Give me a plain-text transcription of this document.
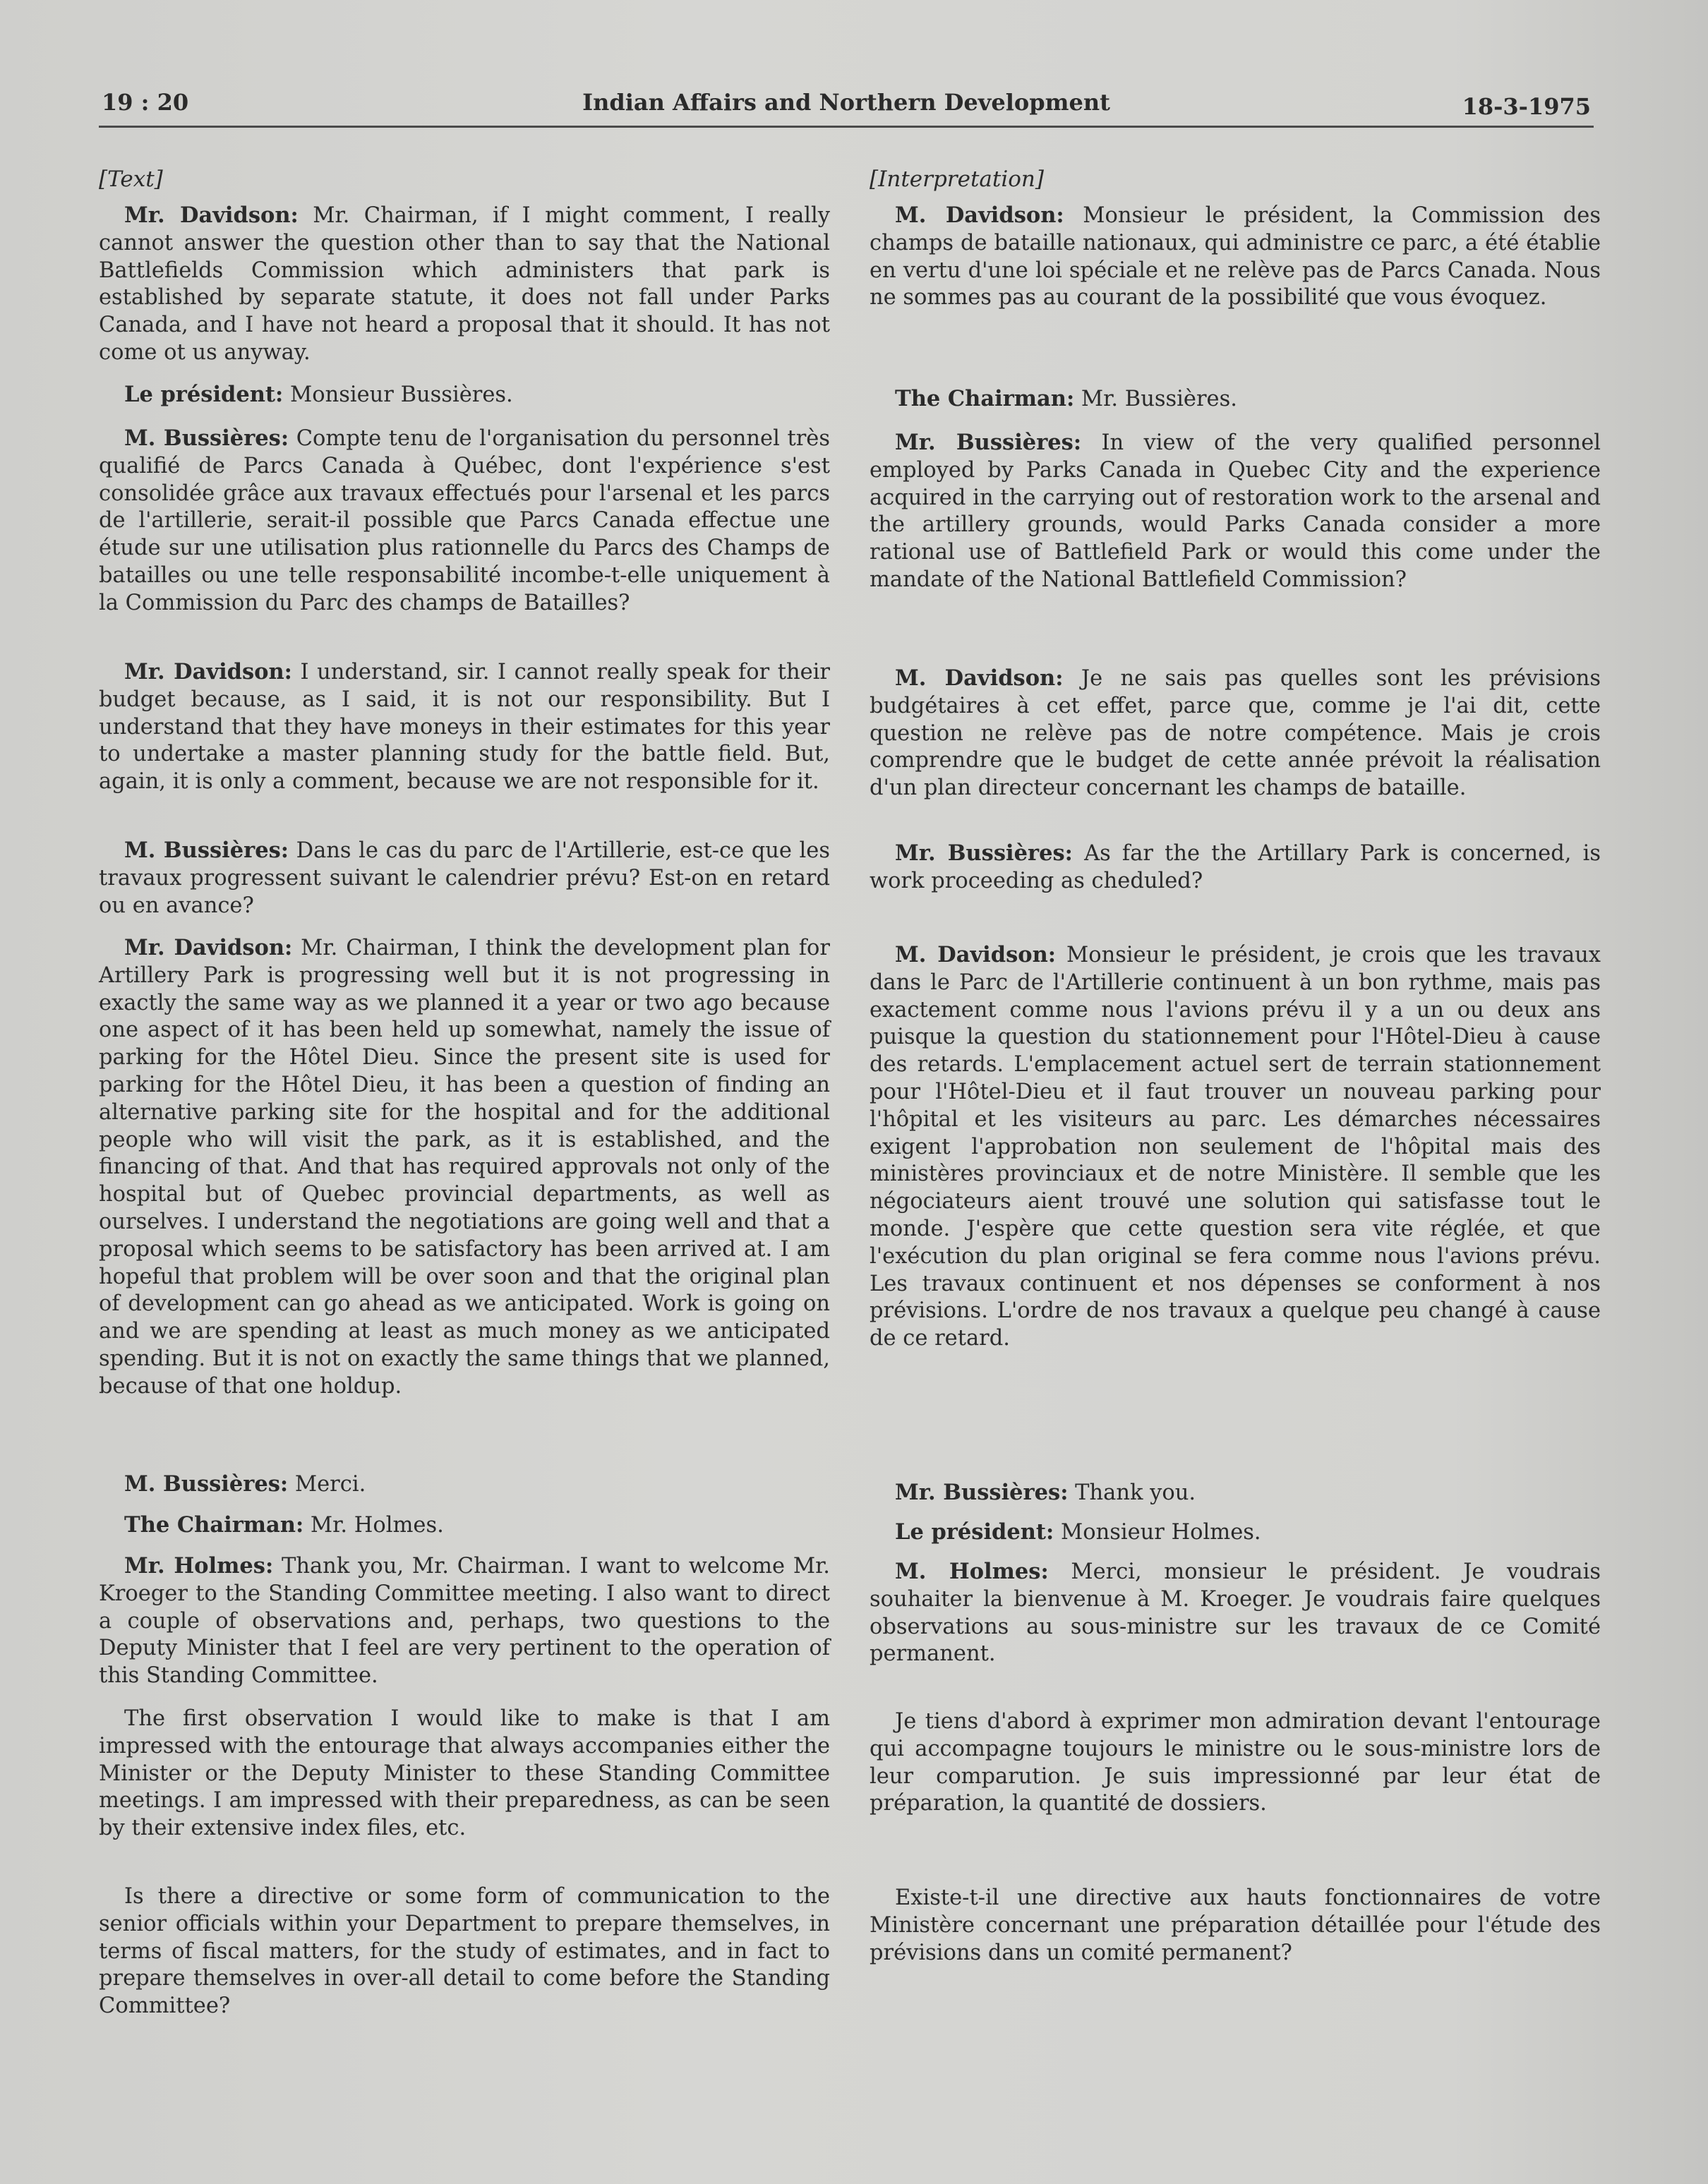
19 : 20	Indian Affairs and Northern Development	18-3-1975

[Text]

Mr. Davidson: Mr. Chairman, if I might comment, I really cannot answer the question other than to say that the National Battlefields Commission which administers that park is established by separate statute, it does not fall under Parks Canada, and I have not heard a proposal that it should. It has not come ot us anyway.

Le président: Monsieur Bussières.

M. Bussières: Compte tenu de l'organisation du personnel très qualifié de Parcs Canada à Québec, dont l'expérience s'est consolidée grâce aux travaux effectués pour l'arsenal et les parcs de l'artillerie, serait-il possible que Parcs Canada effectue une étude sur une utilisation plus rationnelle du Parcs des Champs de batailles ou une telle responsabilité incombe-t-elle uniquement à la Commission du Parc des champs de Batailles?

Mr. Davidson: I understand, sir. I cannot really speak for their budget because, as I said, it is not our responsibility. But I understand that they have moneys in their estimates for this year to undertake a master planning study for the battle field. But, again, it is only a comment, because we are not responsible for it.

M. Bussières: Dans le cas du parc de l'Artillerie, est-ce que les travaux progressent suivant le calendrier prévu? Est-on en retard ou en avance?

Mr. Davidson: Mr. Chairman, I think the development plan for Artillery Park is progressing well but it is not progressing in exactly the same way as we planned it a year or two ago because one aspect of it has been held up somewhat, namely the issue of parking for the Hôtel Dieu. Since the present site is used for parking for the Hôtel Dieu, it has been a question of finding an alternative parking site for the hospital and for the additional people who will visit the park, as it is established, and the financing of that. And that has required approvals not only of the hospital but of Quebec provincial departments, as well as ourselves. I understand the negotiations are going well and that a proposal which seems to be satisfactory has been arrived at. I am hopeful that problem will be over soon and that the original plan of development can go ahead as we anticipated. Work is going on and we are spending at least as much money as we anticipated spending. But it is not on exactly the same things that we planned, because of that one holdup.

M. Bussières: Merci.

The Chairman: Mr. Holmes.

Mr. Holmes: Thank you, Mr. Chairman. I want to welcome Mr. Kroeger to the Standing Committee meeting. I also want to direct a couple of observations and, perhaps, two questions to the Deputy Minister that I feel are very pertinent to the operation of this Standing Committee.

The first observation I would like to make is that I am impressed with the entourage that always accompanies either the Minister or the Deputy Minister to these Standing Committee meetings. I am impressed with their preparedness, as can be seen by their extensive index files, etc.

Is there a directive or some form of communication to the senior officials within your Department to prepare themselves, in terms of fiscal matters, for the study of estimates, and in fact to prepare themselves in over-all detail to come before the Standing Committee?

[Interpretation]

M. Davidson: Monsieur le président, la Commission des champs de bataille nationaux, qui administre ce parc, a été établie en vertu d'une loi spéciale et ne relève pas de Parcs Canada. Nous ne sommes pas au courant de la possibilité que vous évoquez.

The Chairman: Mr. Bussières.

Mr. Bussières: In view of the very qualified personnel employed by Parks Canada in Quebec City and the experience acquired in the carrying out of restoration work to the arsenal and the artillery grounds, would Parks Canada consider a more rational use of Battlefield Park or would this come under the mandate of the National Battlefield Commission?

M. Davidson: Je ne sais pas quelles sont les prévisions budgétaires à cet effet, parce que, comme je l'ai dit, cette question ne relève pas de notre compétence. Mais je crois comprendre que le budget de cette année prévoit la réalisation d'un plan directeur concernant les champs de bataille.

Mr. Bussières: As far the the Artillary Park is concerned, is work proceeding as cheduled?

M. Davidson: Monsieur le président, je crois que les travaux dans le Parc de l'Artillerie continuent à un bon rythme, mais pas exactement comme nous l'avions prévu il y a un ou deux ans puisque la question du stationnement pour l'Hôtel-Dieu à cause des retards. L'emplacement actuel sert de terrain stationnement pour l'Hôtel-Dieu et il faut trouver un nouveau parking pour l'hôpital et les visiteurs au parc. Les démarches nécessaires exigent l'approbation non seulement de l'hôpital mais des ministères provinciaux et de notre Ministère. Il semble que les négociateurs aient trouvé une solution qui satisfasse tout le monde. J'espère que cette question sera vite réglée, et que l'exécution du plan original se fera comme nous l'avions prévu. Les travaux continuent et nos dépenses se conforment à nos prévisions. L'ordre de nos travaux a quelque peu changé à cause de ce retard.

Mr. Bussières: Thank you.

Le président: Monsieur Holmes.

M. Holmes: Merci, monsieur le président. Je voudrais souhaiter la bienvenue à M. Kroeger. Je voudrais faire quelques observations au sous-ministre sur les travaux de ce Comité permanent.

Je tiens d'abord à exprimer mon admiration devant l'entourage qui accompagne toujours le ministre ou le sous-ministre lors de leur comparution. Je suis impressionné par leur état de préparation, la quantité de dossiers.

Existe-t-il une directive aux hauts fonctionnaires de votre Ministère concernant une préparation détaillée pour l'étude des prévisions dans un comité permanent?
